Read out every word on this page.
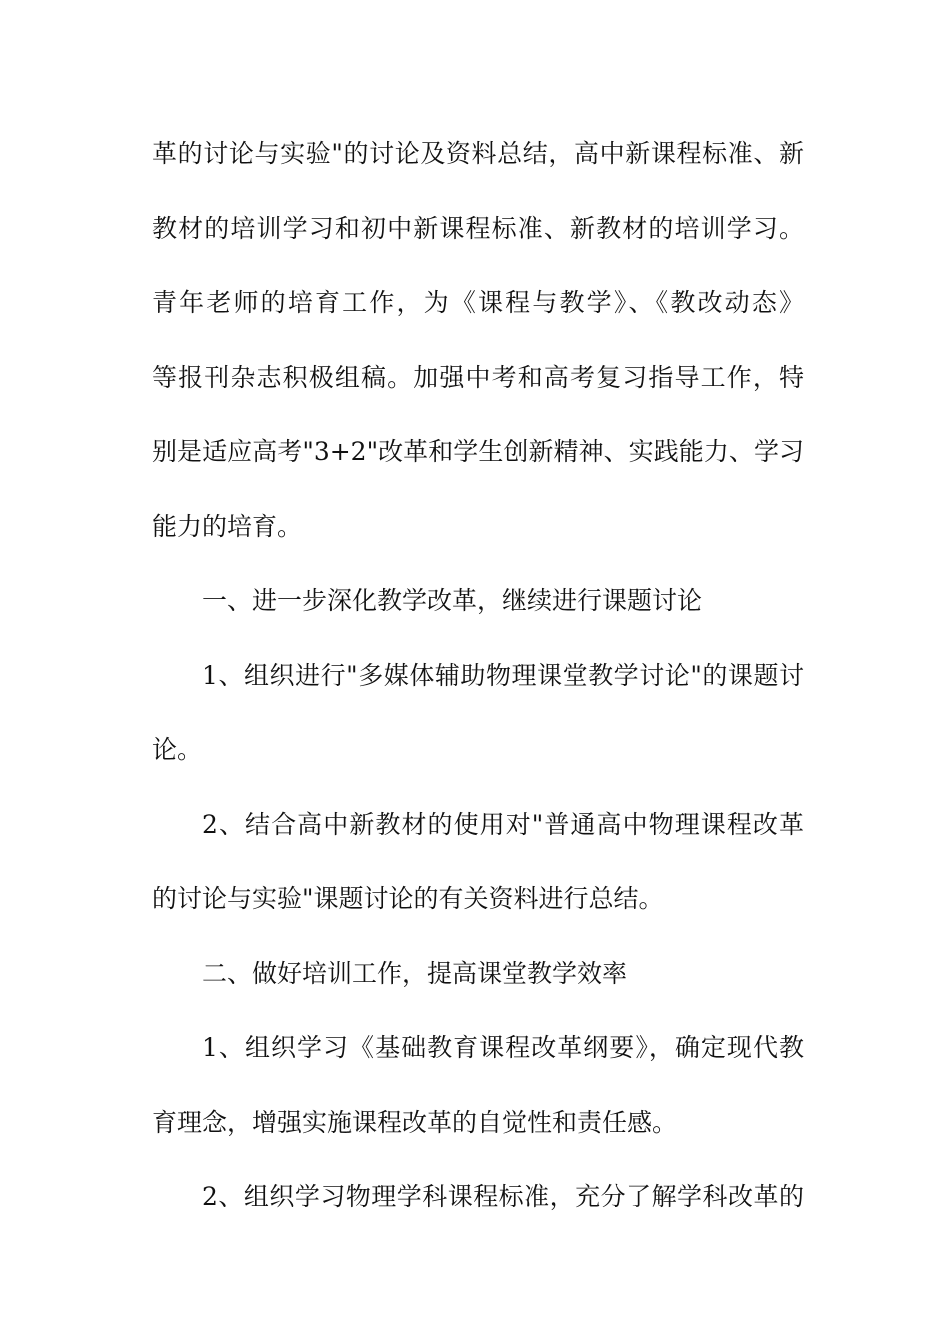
革的讨论与实验"的讨论及资料总结，高中新课程标准、新
教材的培训学习和初中新课程标准、新教材的培训学习。
青年老师的培育工作，为《课程与教学》、《教改动态》
等报刊杂志积极组稿。加强中考和高考复习指导工作，特
别是适应高考"3+2"改革和学生创新精神、实践能力、学习
能力的培育。
一、进一步深化教学改革，继续进行课题讨论
1、组织进行"多媒体辅助物理课堂教学讨论"的课题讨
论。
2、结合高中新教材的使用对"普通高中物理课程改革
的讨论与实验"课题讨论的有关资料进行总结。
二、做好培训工作，提高课堂教学效率
1、组织学习《基础教育课程改革纲要》，确定现代教
育理念，增强实施课程改革的自觉性和责任感。
2、组织学习物理学科课程标准，充分了解学科改革的
